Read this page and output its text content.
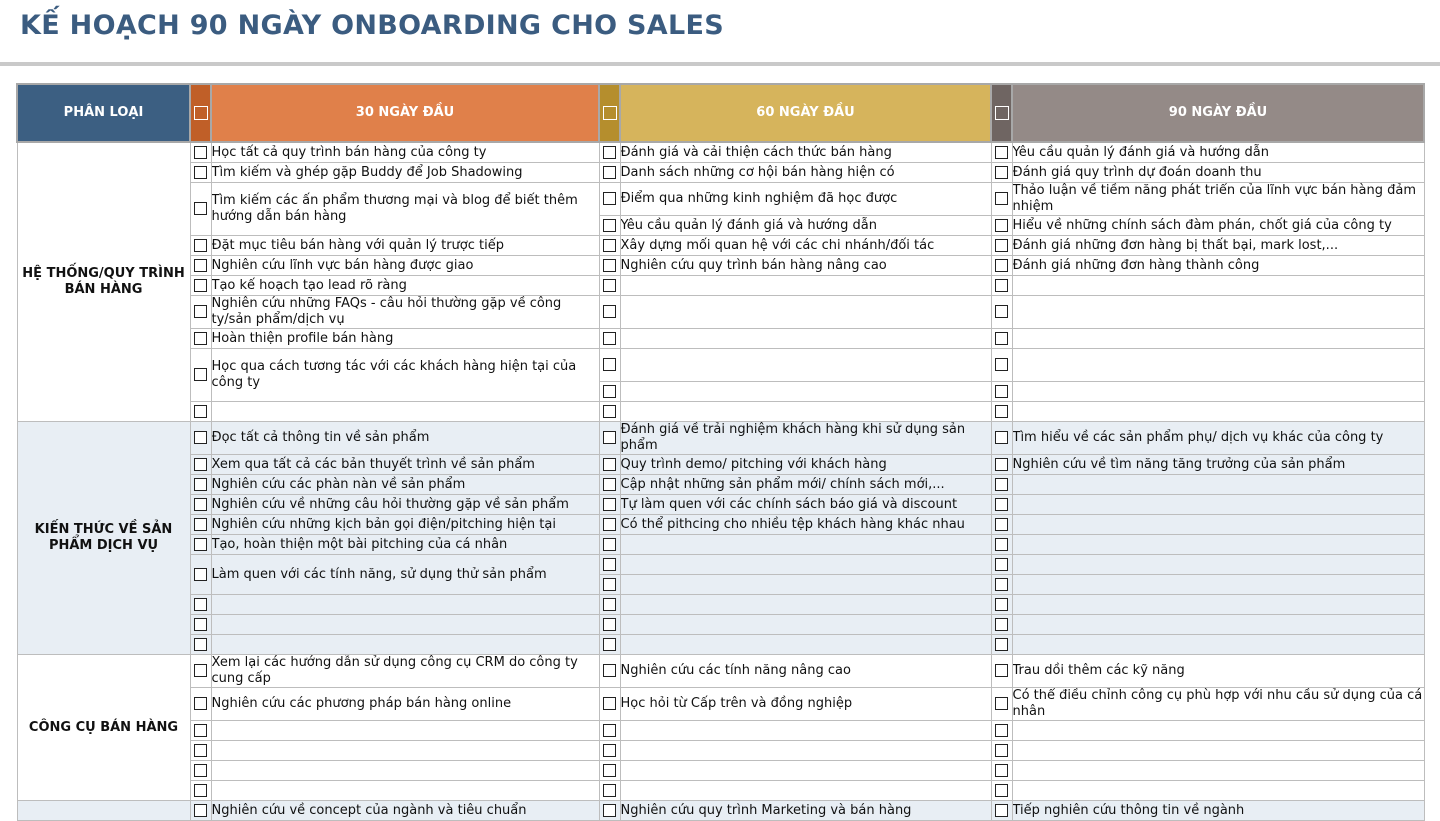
KẾ HOẠCH 90 NGÀY ONBOARDING CHO SALES
PHÂN LOẠI		30 NGÀY ĐẦU		60 NGÀY ĐẦU		90 NGÀY ĐẦU
HỆ THỐNG/QUY TRÌNH BÁN HÀNG		Học tất cả quy trình bán hàng của công ty		Đánh giá và cải thiện cách thức bán hàng		Yêu cầu quản lý đánh giá và hướng dẫn
		Tìm kiếm và ghép gặp Buddy để Job Shadowing		Danh sách những cơ hội bán hàng hiện có		Đánh giá quy trình dự đoán doanh thu
		Tìm kiếm các ấn phẩm thương mại và blog để biết thêm hướng dẫn bán hàng		Điểm qua những kinh nghiệm đã học được		Thảo luận về tiềm năng phát triển của lĩnh vực bán hàng đảm nhiệm
				Yêu cầu quản lý đánh giá và hướng dẫn		Hiểu về những chính sách đàm phán, chốt giá của công ty
		Đặt mục tiêu bán hàng với quản lý trược tiếp		Xây dựng mối quan hệ với các chi nhánh/đối tác		Đánh giá những đơn hàng bị thất bại, mark lost,...
		Nghiên cứu lĩnh vực bán hàng được giao		Nghiên cứu quy trình bán hàng nâng cao		Đánh giá những đơn hàng thành công
		Tạo kế hoạch tạo lead rõ ràng				
		Nghiên cứu những FAQs - câu hỏi thường gặp về công ty/sản phẩm/dịch vụ				
		Hoàn thiện profile bán hàng				
		Học qua cách tương tác với các khách hàng hiện tại của công ty				

KIẾN THỨC VỀ SẢN PHẨM DỊCH VỤ		Đọc tất cả thông tin về sản phẩm		Đánh giá về trải nghiệm khách hàng khi sử dụng sản phẩm		Tìm hiểu về các sản phẩm phụ/ dịch vụ khác của công ty
		Xem qua tất cả các bản thuyết trình về sản phẩm		Quy trình demo/ pitching với khách hàng		Nghiên cứu về tìm năng tăng trưởng của sản phẩm
		Nghiên cứu các phàn nàn về sản phẩm		Cập nhật những sản phẩm mới/ chính sách mới,...		
		Nghiên cứu về những câu hỏi thường gặp về sản phẩm		Tự làm quen với các chính sách báo giá và discount		
		Nghiên cứu những kịch bản gọi điện/pitching hiện tại		Có thể pithcing cho nhiều tệp khách hàng khác nhau		
		Tạo, hoàn thiện một bài pitching của cá nhân				
		Làm quen với các tính năng, sử dụng thử sản phẩm				

CÔNG CỤ BÁN HÀNG		Xem lại các hướng dẫn sử dụng công cụ CRM do công ty cung cấp		Nghiên cứu các tính năng nâng cao		Trau dồi thêm các kỹ năng
		Nghiên cứu các phương pháp bán hàng online		Học hỏi từ Cấp trên và đồng nghiệp		Có thể điều chỉnh công cụ phù hợp với nhu cầu sử dụng của cá nhân

		Nghiên cứu về concept của ngành và tiêu chuẩn		Nghiên cứu quy trình Marketing và bán hàng		Tiếp nghiên cứu thông tin về ngành
